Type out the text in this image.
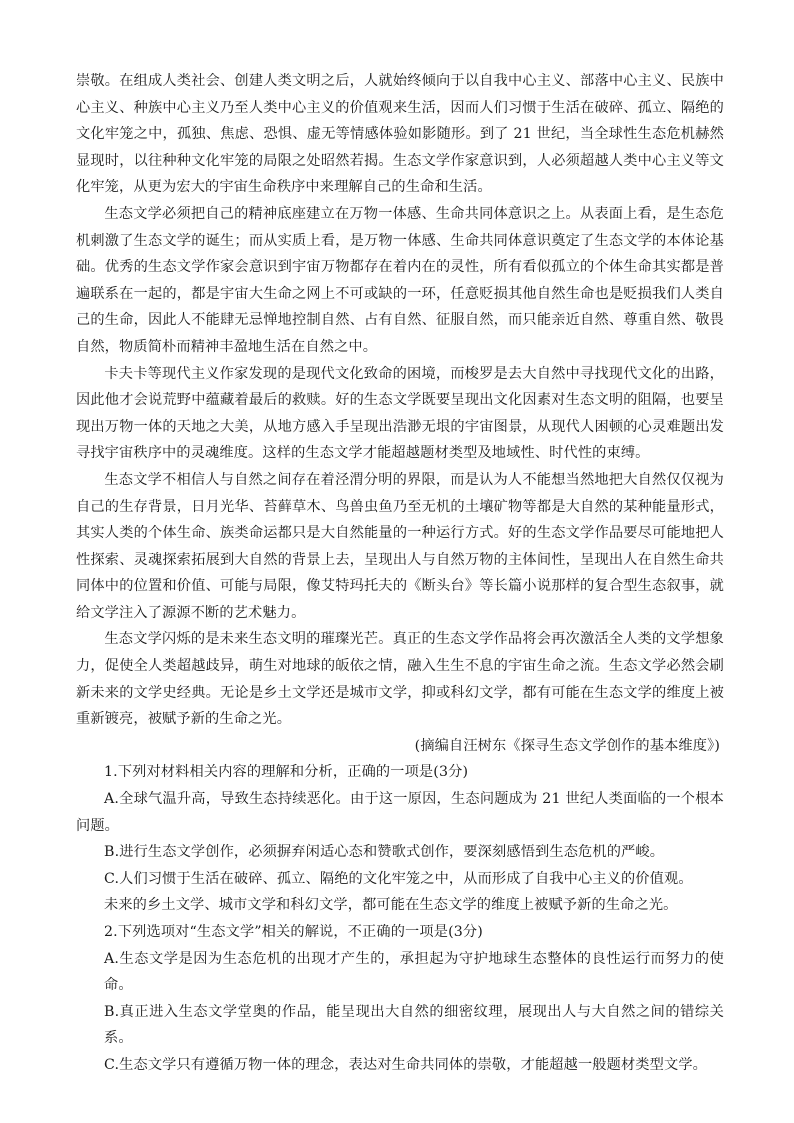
崇敬。在组成人类社会、创建人类文明之后，人就始终倾向于以自我中心主义、部落中心主义、民族中心主义、种族中心主义乃至人类中心主义的价值观来生活，因而人们习惯于生活在破碎、孤立、隔绝的文化牢笼之中，孤独、焦虑、恐惧、虚无等情感体验如影随形。到了 21 世纪，当全球性生态危机赫然显现时，以往种种文化牢笼的局限之处昭然若揭。生态文学作家意识到，人必须超越人类中心主义等文化牢笼，从更为宏大的宇宙生命秩序中来理解自己的生命和生活。

生态文学必须把自己的精神底座建立在万物一体感、生命共同体意识之上。从表面上看，是生态危机刺激了生态文学的诞生；而从实质上看，是万物一体感、生命共同体意识奠定了生态文学的本体论基础。优秀的生态文学作家会意识到宇宙万物都存在着内在的灵性，所有看似孤立的个体生命其实都是普遍联系在一起的，都是宇宙大生命之网上不可或缺的一环，任意贬损其他自然生命也是贬损我们人类自己的生命，因此人不能肆无忌惮地控制自然、占有自然、征服自然，而只能亲近自然、尊重自然、敬畏自然，物质简朴而精神丰盈地生活在自然之中。

卡夫卡等现代主义作家发现的是现代文化致命的困境，而梭罗是去大自然中寻找现代文化的出路，因此他才会说荒野中蕴藏着最后的救赎。好的生态文学既要呈现出文化因素对生态文明的阻隔，也要呈现出万物一体的天地之大美，从地方感入手呈现出浩渺无垠的宇宙图景，从现代人困顿的心灵难题出发寻找宇宙秩序中的灵魂维度。这样的生态文学才能超越题材类型及地域性、时代性的束缚。

生态文学不相信人与自然之间存在着泾渭分明的界限，而是认为人不能想当然地把大自然仅仅视为自己的生存背景，日月光华、苔藓草木、鸟兽虫鱼乃至无机的土壤矿物等都是大自然的某种能量形式，其实人类的个体生命、族类命运都只是大自然能量的一种运行方式。好的生态文学作品要尽可能地把人性探索、灵魂探索拓展到大自然的背景上去，呈现出人与自然万物的主体间性，呈现出人在自然生命共同体中的位置和价值、可能与局限，像艾特玛托夫的《断头台》等长篇小说那样的复合型生态叙事，就给文学注入了源源不断的艺术魅力。

生态文学闪烁的是未来生态文明的璀璨光芒。真正的生态文学作品将会再次激活全人类的文学想象力，促使全人类超越歧异，萌生对地球的皈依之情，融入生生不息的宇宙生命之流。生态文学必然会刷新未来的文学史经典。无论是乡土文学还是城市文学，抑或科幻文学，都有可能在生态文学的维度上被重新镀亮，被赋予新的生命之光。

(摘编自汪树东《探寻生态文学创作的基本维度》)

1.下列对材料相关内容的理解和分析，正确的一项是(3分)

A.全球气温升高，导致生态持续恶化。由于这一原因，生态问题成为 21 世纪人类面临的一个根本问题。

B.进行生态文学创作，必须摒弃闲适心态和赞歌式创作，要深刻感悟到生态危机的严峻。

C.人们习惯于生活在破碎、孤立、隔绝的文化牢笼之中，从而形成了自我中心主义的价值观。

未来的乡土文学、城市文学和科幻文学，都可能在生态文学的维度上被赋予新的生命之光。

2.下列选项对“生态文学”相关的解说，不正确的一项是(3分)

A.生态文学是因为生态危机的出现才产生的，承担起为守护地球生态整体的良性运行而努力的使命。

B.真正进入生态文学堂奥的作品，能呈现出大自然的细密纹理，展现出人与大自然之间的错综关系。

C.生态文学只有遵循万物一体的理念，表达对生命共同体的崇敬，才能超越一般题材类型文学。
